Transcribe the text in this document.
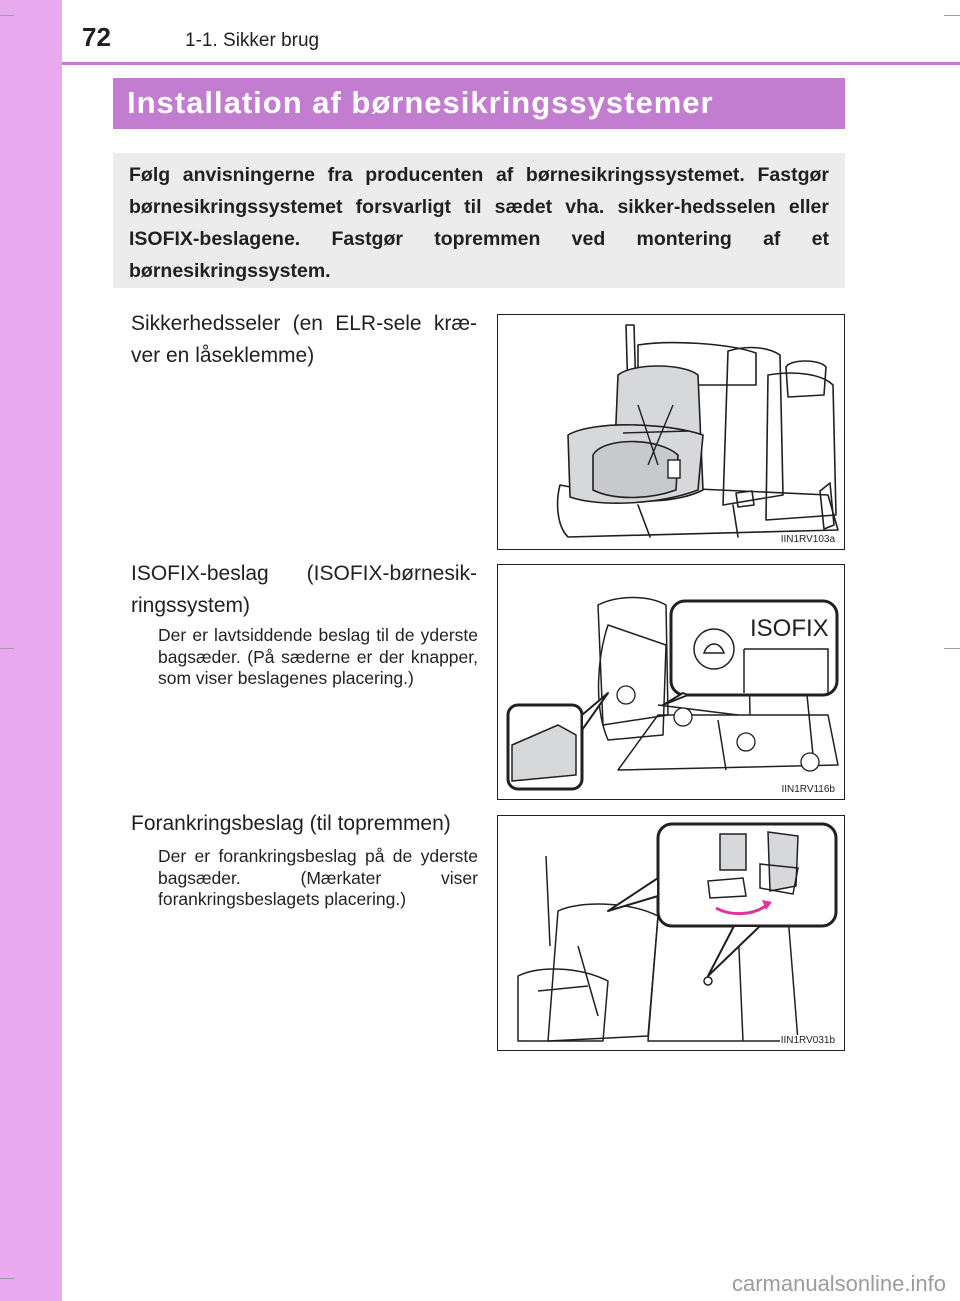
72	1-1. Sikker brug
Installation af børnesikringssystemer
Følg anvisningerne fra producenten af børnesikringssystemet. Fastgør børnesikringssystemet forsvarligt til sædet vha. sikker-hedsselen eller ISOFIX-beslagene. Fastgør topremmen ved montering af et børnesikringssystem.
Sikkerhedsseler (en ELR-sele kræ-ver en låseklemme)
IIN1RV103a
ISOFIX-beslag (ISOFIX-børnesik-ringssystem)
Der er lavtsiddende beslag til de yderste bagsæder. (På sæderne er der knapper, som viser beslagenes placering.)
ISOFIX
IIN1RV116b
Forankringsbeslag (til topremmen)
Der er forankringsbeslag på de yderste bagsæder. (Mærkater viser forankringsbeslagets placering.)
IIN1RV031b
carmanualsonline.info
